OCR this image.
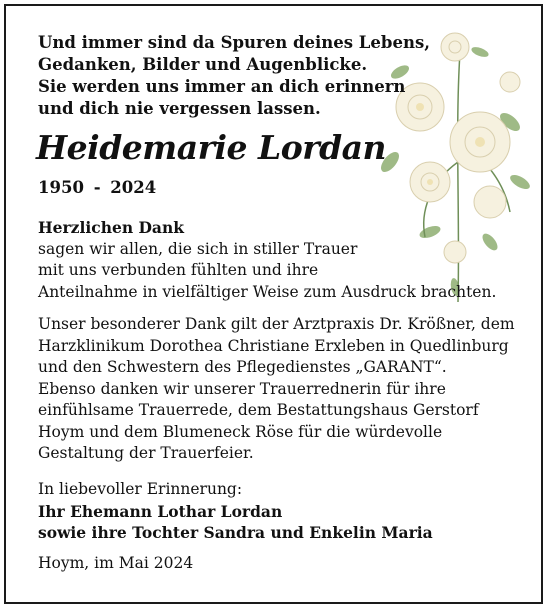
Und immer sind da Spuren deines Lebens,
Gedanken, Bilder und Augenblicke.
Sie werden uns immer an dich erinnern
und dich nie vergessen lassen.
Heidemarie Lordan
1950 - 2024
Herzlichen Dank
sagen wir allen, die sich in stiller Trauer
mit uns verbunden fühlten und ihre
Anteilnahme in vielfältiger Weise zum Ausdruck brachten.
Unser besonderer Dank gilt der Arztpraxis Dr. Krößner, dem
Harzklinikum Dorothea Christiane Erxleben in Quedlinburg
und den Schwestern des Pflegedienstes „GARANT“.
Ebenso danken wir unserer Trauerrednerin für ihre
einfühlsame Trauerrede, dem Bestattungshaus Gerstorf
Hoym und dem Blumeneck Röse für die würdevolle
Gestaltung der Trauerfeier.
In liebevoller Erinnerung:
Ihr Ehemann Lothar Lordan
sowie ihre Tochter Sandra und Enkelin Maria
Hoym, im Mai 2024
